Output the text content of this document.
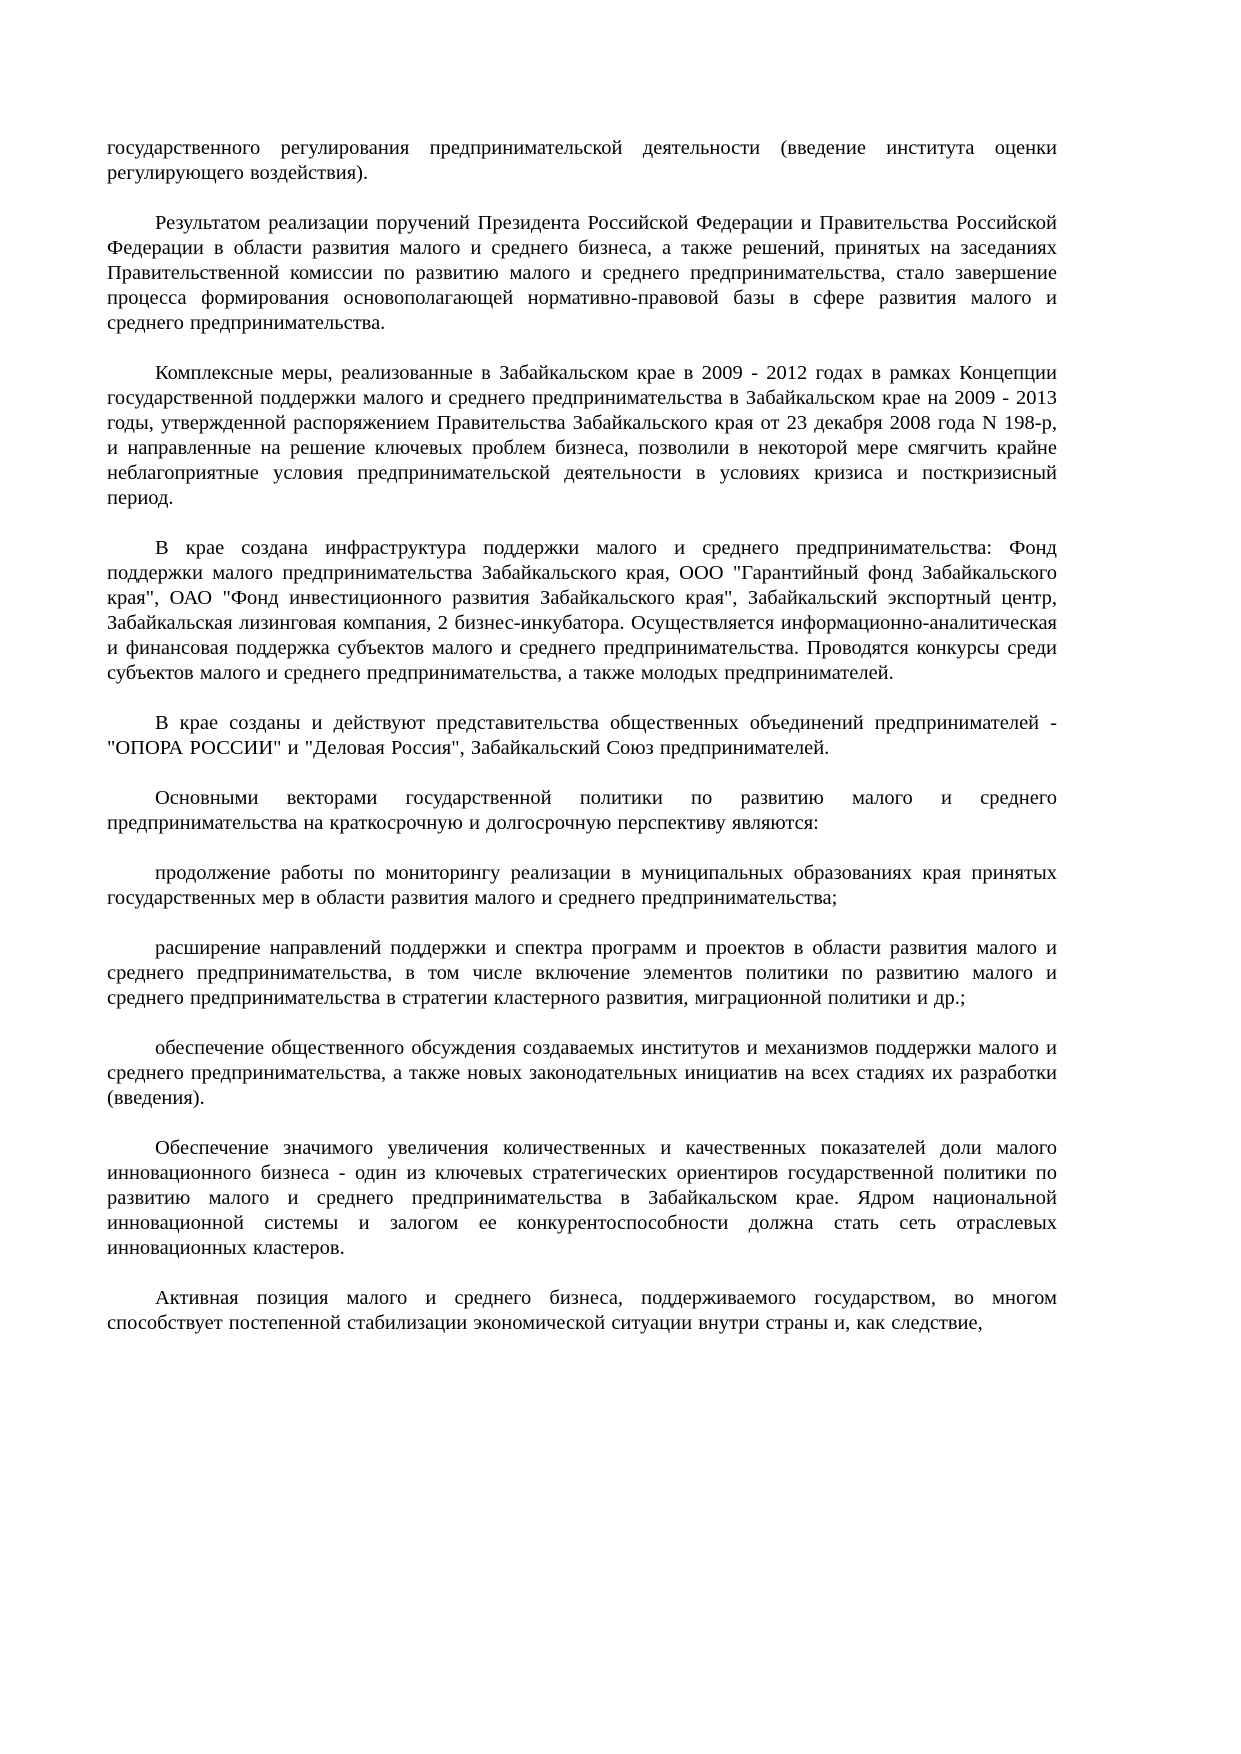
государственного регулирования предпринимательской деятельности (введение института оценки регулирующего воздействия).

Результатом реализации поручений Президента Российской Федерации и Правительства Российской Федерации в области развития малого и среднего бизнеса, а также решений, принятых на заседаниях Правительственной комиссии по развитию малого и среднего предпринимательства, стало завершение процесса формирования основополагающей нормативно-правовой базы в сфере развития малого и среднего предпринимательства.

Комплексные меры, реализованные в Забайкальском крае в 2009 - 2012 годах в рамках Концепции государственной поддержки малого и среднего предпринимательства в Забайкальском крае на 2009 - 2013 годы, утвержденной распоряжением Правительства Забайкальского края от 23 декабря 2008 года N 198-р, и направленные на решение ключевых проблем бизнеса, позволили в некоторой мере смягчить крайне неблагоприятные условия предпринимательской деятельности в условиях кризиса и посткризисный период.

В крае создана инфраструктура поддержки малого и среднего предпринимательства: Фонд поддержки малого предпринимательства Забайкальского края, ООО "Гарантийный фонд Забайкальского края", ОАО "Фонд инвестиционного развития Забайкальского края", Забайкальский экспортный центр, Забайкальская лизинговая компания, 2 бизнес-инкубатора. Осуществляется информационно-аналитическая и финансовая поддержка субъектов малого и среднего предпринимательства. Проводятся конкурсы среди субъектов малого и среднего предпринимательства, а также молодых предпринимателей.

В крае созданы и действуют представительства общественных объединений предпринимателей - "ОПОРА РОССИИ" и "Деловая Россия", Забайкальский Союз предпринимателей.

Основными векторами государственной политики по развитию малого и среднего предпринимательства на краткосрочную и долгосрочную перспективу являются:

продолжение работы по мониторингу реализации в муниципальных образованиях края принятых государственных мер в области развития малого и среднего предпринимательства;

расширение направлений поддержки и спектра программ и проектов в области развития малого и среднего предпринимательства, в том числе включение элементов политики по развитию малого и среднего предпринимательства в стратегии кластерного развития, миграционной политики и др.;

обеспечение общественного обсуждения создаваемых институтов и механизмов поддержки малого и среднего предпринимательства, а также новых законодательных инициатив на всех стадиях их разработки (введения).

Обеспечение значимого увеличения количественных и качественных показателей доли малого инновационного бизнеса - один из ключевых стратегических ориентиров государственной политики по развитию малого и среднего предпринимательства в Забайкальском крае. Ядром национальной инновационной системы и залогом ее конкурентоспособности должна стать сеть отраслевых инновационных кластеров.

Активная позиция малого и среднего бизнеса, поддерживаемого государством, во многом способствует постепенной стабилизации экономической ситуации внутри страны и, как следствие,
